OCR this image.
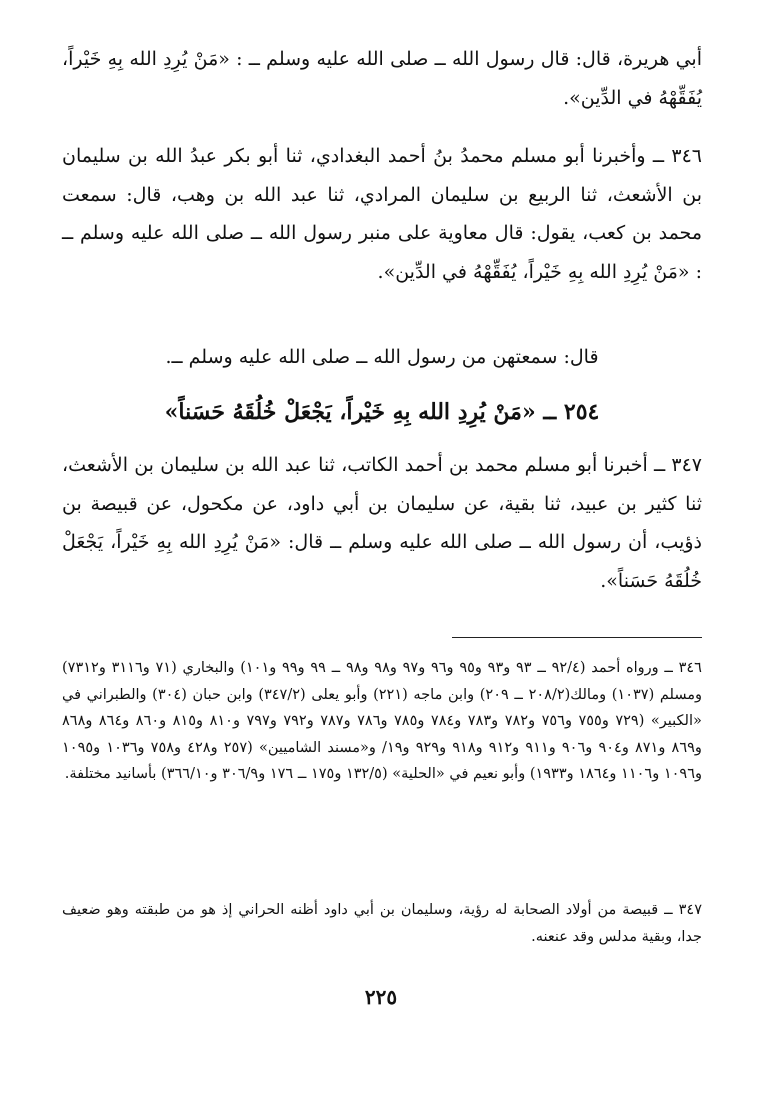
أبي هريرة، قال: قال رسول الله ــ صلى الله عليه وسلم ــ : «مَنْ يُرِدِ الله بِهِ خَيْراً، يُفَقِّهْهُ في الدِّين».

٣٤٦ ــ وأخبرنا أبو مسلم محمدُ بنُ أحمد البغدادي، ثنا أبو بكر عبدُ الله بن سليمان بن الأشعث، ثنا الربيع بن سليمان المرادي، ثنا عبد الله بن وهب، قال: سمعت محمد بن كعب، يقول: قال معاوية على منبر رسول الله ــ صلى الله عليه وسلم ــ : «مَنْ يُرِدِ الله بِهِ خَيْراً، يُفَقِّهْهُ في الدِّين».

قال: سمعتهن من رسول الله ــ صلى الله عليه وسلم ــ.

٢٥٤ ــ «مَنْ يُرِدِ الله بِهِ خَيْراً، يَجْعَلْ خُلُقَهُ حَسَناً»

٣٤٧ ــ أخبرنا أبو مسلم محمد بن أحمد الكاتب، ثنا عبد الله بن سليمان بن الأشعث، ثنا كثير بن عبيد، ثنا بقية، عن سليمان بن أبي داود، عن مكحول، عن قبيصة بن ذؤيب، أن رسول الله ــ صلى الله عليه وسلم ــ قال: «مَنْ يُرِدِ الله بِهِ خَيْراً، يَجْعَلْ خُلُقَهُ حَسَناً».

٣٤٦ ــ ورواه أحمد (٩٢/٤ ــ ٩٣ و٩٣ و٩٥ و٩٦ و٩٧ و٩٨ و٩٨ ــ ٩٩ و٩٩ و١٠١) والبخاري (٧١ و٣١١٦ و٧٣١٢) ومسلم (١٠٣٧) ومالك(٢٠٨/٢ ــ ٢٠٩) وابن ماجه (٢٢١) وأبو يعلى (٣٤٧/٢) وابن حبان (٣٠٤) والطبراني في «الكبير» (٧٢٩ و٧٥٥ و٧٥٦ و٧٨٢ و٧٨٣ و٧٨٤ و٧٨٥ و٧٨٦ و٧٨٧ و٧٩٢ و٧٩٧ و٨١٠ و٨١٥ و٨٦٠ و٨٦٤ و٨٦٨ و٨٦٩ و٨٧١ و٩٠٤ و٩٠٦ و٩١١ و٩١٢ و٩١٨ و٩٢٩ و١٩/ و«مسند الشاميين» (٢٥٧ و٤٢٨ و٧٥٨ و١٠٣٦ و١٠٩٥ و١٠٩٦ و١١٠٦ و١٨٦٤ و١٩٣٣) وأبو نعيم في «الحلية» (١٣٢/٥ و١٧٥ ــ ١٧٦ و٣٠٦/٩ و٣٦٦/١٠) بأسانيد مختلفة.

٣٤٧ ــ قبيصة من أولاد الصحابة له رؤية، وسليمان بن أبي داود أظنه الحراني إذ هو من طبقته وهو ضعيف جدا، وبقية مدلس وقد عنعنه.

٢٢٥
